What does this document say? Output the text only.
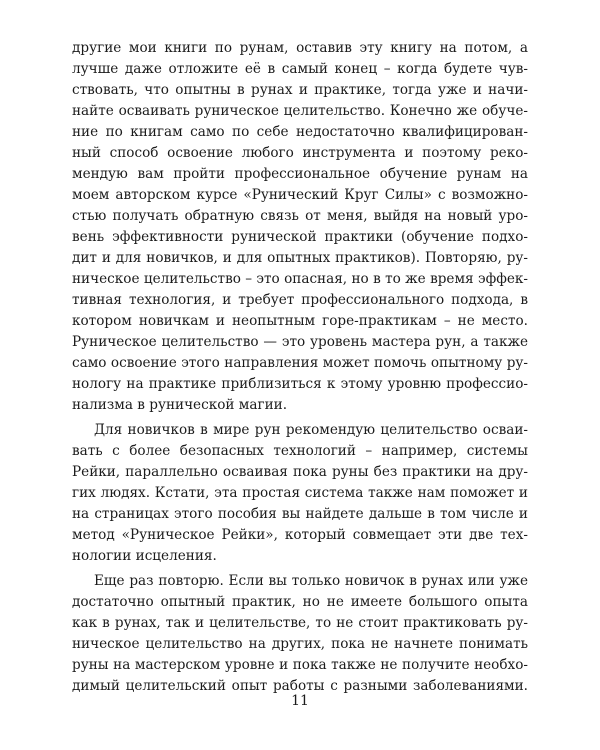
другие мои книги по рунам, оставив эту книгу на потом, а
лучше даже отложите её в самый конец – когда будете чув-
ствовать, что опытны в рунах и практике, тогда уже и начи-
найте осваивать руническое целительство. Конечно же обуче-
ние по книгам само по себе недостаточно квалифицирован-
ный способ освоение любого инструмента и поэтому реко-
мендую вам пройти профессиональное обучение рунам на
моем авторском курсе «Рунический Круг Силы» с возможно-
стью получать обратную связь от меня, выйдя на новый уро-
вень эффективности рунической практики (обучение подхо-
дит и для новичков, и для опытных практиков). Повторяю, ру-
ническое целительство – это опасная, но в то же время эффек-
тивная технология, и требует профессионального подхода, в
котором новичкам и неопытным горе-практикам – не место.
Руническое целительство — это уровень мастера рун, а также
само освоение этого направления может помочь опытному ру-
нологу на практике приблизиться к этому уровню профессио-
нализма в рунической магии.
Для новичков в мире рун рекомендую целительство осваи-
вать с более безопасных технологий – например, системы
Рейки, параллельно осваивая пока руны без практики на дру-
гих людях. Кстати, эта простая система также нам поможет и
на страницах этого пособия вы найдете дальше в том числе и
метод «Руническое Рейки», который совмещает эти две тех-
нологии исцеления.
Еще раз повторю. Если вы только новичок в рунах или уже
достаточно опытный практик, но не имеете большого опыта
как в рунах, так и целительстве, то не стоит практиковать ру-
ническое целительство на других, пока не начнете понимать
руны на мастерском уровне и пока также не получите необхо-
димый целительский опыт работы с разными заболеваниями.
11
